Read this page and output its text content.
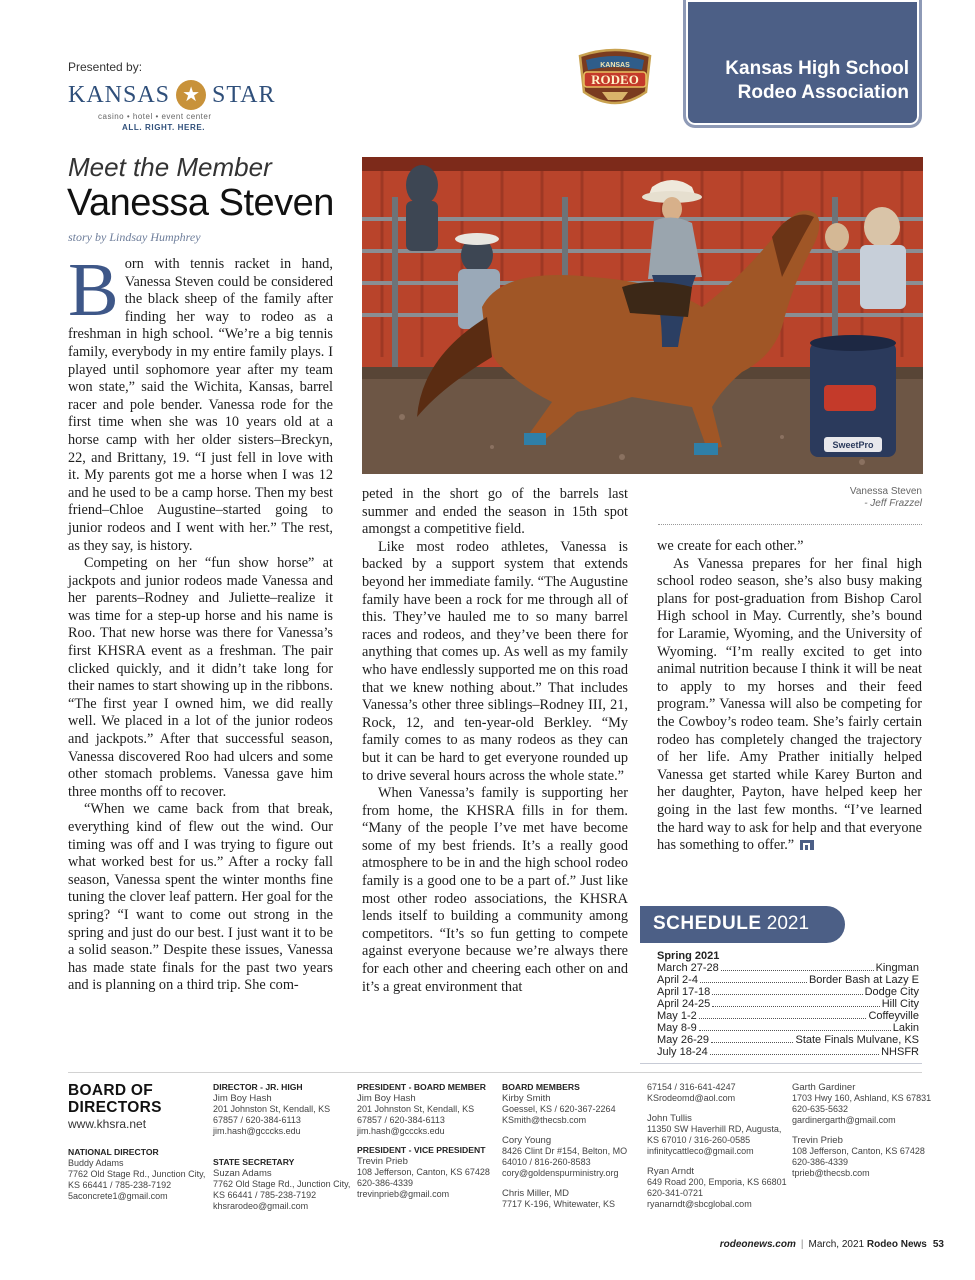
Presented by:
KANSAS ★ STAR
casino • hotel • event center
ALL. RIGHT. HERE.
KANSAS
RODEO
Kansas High School
Rodeo Association
Meet the Member
Vanessa Steven
story by Lindsay Humphrey
SweetPro
Vanessa Steven
- Jeff Frazzel

Born with tennis racket in hand, Vanessa Steven could be considered the black sheep of the family after finding her way to rodeo as a freshman in high school. “We’re a big tennis family, everybody in my entire family plays. I played until sophomore year after my team won state,” said the Wichita, Kansas, barrel racer and pole bender. Vanessa rode for the first time when she was 10 years old at a horse camp with her older sisters–Breckyn, 22, and Brittany, 19. “I just fell in love with it. My parents got me a horse when I was 12 and he used to be a camp horse. Then my best friend–Chloe Augustine–started going to junior rodeos and I went with her.” The rest, as they say, is history.

Competing on her “fun show horse” at jackpots and junior rodeos made Vanessa and her parents–Rodney and Juliette–realize it was time for a step-up horse and his name is Roo. That new horse was there for Vanessa’s first KHSRA event as a freshman. The pair clicked quickly, and it didn’t take long for their names to start showing up in the ribbons. “The first year I owned him, we did really well. We placed in a lot of the junior rodeos and jackpots.” After that successful season, Vanessa discovered Roo had ulcers and some other stomach problems. Vanessa gave him three months off to recover.

“When we came back from that break, everything kind of flew out the wind. Our timing was off and I was trying to figure out what worked best for us.” After a rocky fall season, Vanessa spent the winter months fine tuning the clover leaf pattern. Her goal for the spring? “I want to come out strong in the spring and just do our best. I just want it to be a solid season.” Despite these issues, Vanessa has made state finals for the past two years and is planning on a third trip. She com-

peted in the short go of the barrels last summer and ended the season in 15th spot amongst a competitive field.

Like most rodeo athletes, Vanessa is backed by a support system that extends beyond her immediate family. “The Augustine family have been a rock for me through all of this. They’ve hauled me to so many barrel races and rodeos, and they’ve been there for anything that comes up. As well as my family who have endlessly supported me on this road that we knew nothing about.” That includes Vanessa’s other three siblings–Rodney III, 21, Rock, 12, and ten-year-old Berkley. “My family comes to as many rodeos as they can but it can be hard to get everyone rounded up to drive several hours across the whole state.”

When Vanessa’s family is supporting her from home, the KHSRA fills in for them. “Many of the people I’ve met have become some of my best friends. It’s a really good atmosphere to be in and the high school rodeo family is a good one to be a part of.” Just like most other rodeo associations, the KHSRA lends itself to building a community among competitors. “It’s so fun getting to compete against everyone because we’re always there for each other and cheering each other on and it’s a great environment that

we create for each other.”

As Vanessa prepares for her final high school rodeo season, she’s also busy making plans for post-graduation from Bishop Carol High school in May. Currently, she’s bound for Laramie, Wyoming, and the University of Wyoming. “I’m really excited to get into animal nutrition because I think it will be neat to apply to my horses and their feed program.” Vanessa will also be competing for the Cowboy’s rodeo team. She’s fairly certain rodeo has completely changed the trajectory of her life. Amy Prather initially helped Vanessa get started while Karey Burton and her daughter, Payton, have helped keep her going in the last few months. “I’ve learned the hard way to ask for help and that everyone has something to offer.”

SCHEDULE 2021
Spring 2021
March 27-28	Kingman
April 2-4	Border Bash at Lazy E
April 17-18	Dodge City
April 24-25	Hill City
May 1-2	Coffeyville
May 8-9	Lakin
May 26-29	State Finals Mulvane, KS
July 18-24	NHSFR
BOARD OF
DIRECTORS
www.khsra.net
NATIONAL DIRECTOR
Buddy Adams
7762 Old Stage Rd., Junction City,
KS 66441 / 785-238-7192
5aconcrete1@gmail.com
DIRECTOR - JR. HIGH
Jim Boy Hash
201 Johnston St, Kendall, KS
67857 / 620-384-6113
jim.hash@gcccks.edu
STATE SECRETARY
Suzan Adams
7762 Old Stage Rd., Junction City,
KS 66441 / 785-238-7192
khsrarodeo@gmail.com
PRESIDENT - BOARD MEMBER
Jim Boy Hash
201 Johnston St, Kendall, KS
67857 / 620-384-6113
jim.hash@gcccks.edu
PRESIDENT - VICE PRESIDENT
Trevin Prieb
108 Jefferson, Canton, KS 67428
620-386-4339
trevinprieb@gmail.com
BOARD MEMBERS
Kirby Smith
Goessel, KS / 620-367-2264
KSmith@thecsb.com
Cory Young
8426 Clint Dr #154, Belton, MO
64010 / 816-260-8583
cory@goldenspurministry.org
Chris Miller, MD
7717 K-196, Whitewater, KS
67154 / 316-641-4247
KSrodeomd@aol.com
John Tullis
11350 SW Haverhill RD, Augusta,
KS 67010 / 316-260-0585
infinitycattleco@gmail.com
Ryan Arndt
649 Road 200, Emporia, KS 66801
620-341-0721
ryanarndt@sbcglobal.com
Garth Gardiner
1703 Hwy 160, Ashland, KS 67831
620-635-5632
gardinergarth@gmail.com
Trevin Prieb
108 Jefferson, Canton, KS 67428
620-386-4339
tprieb@thecsb.com
rodeonews.com | March, 2021 Rodeo News 53
